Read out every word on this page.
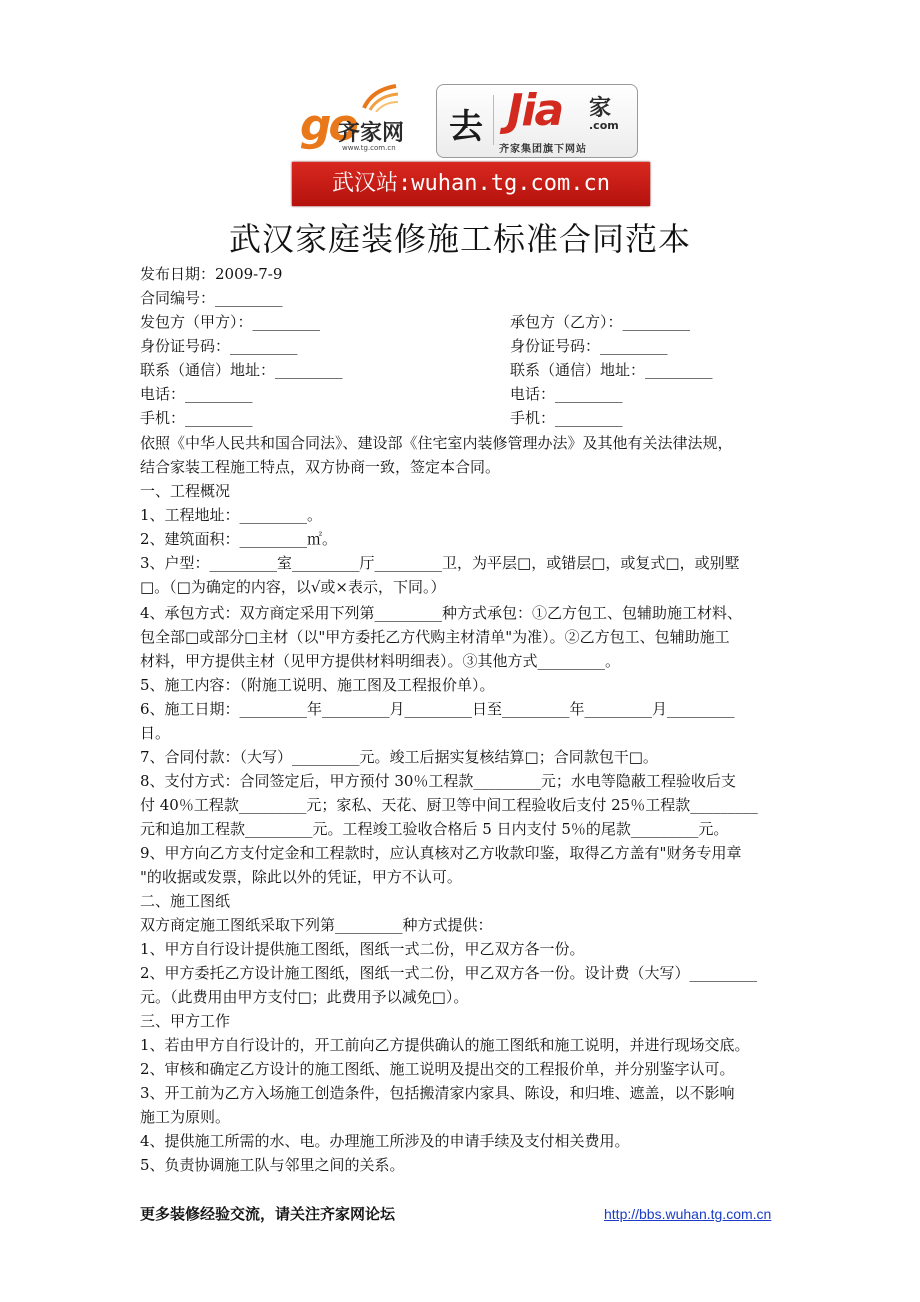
go
齐家网
www.tg.com.cn
去 Jia 家
.com
齐家集团旗下网站
武汉站:wuhan.tg.com.cn
武汉家庭装修施工标准合同范本
发布日期：2009-7-9
合同编号：_________
发包方（甲方）：_________
身份证号码：_________
联系（通信）地址：_________
电话：_________
手机：_________
依照《中华人民共和国合同法》、建设部《住宅室内装修管理办法》及其他有关法律法规，
结合家装工程施工特点，双方协商一致，签定本合同。
一、工程概况
1、工程地址：_________。
2、建筑面积：_________㎡。
3、户型：_________室_________厅_________卫，为平层□，或错层□，或复式□，或别墅
□。（□为确定的内容，以√或×表示，下同。）
4、承包方式：双方商定采用下列第_________种方式承包：①乙方包工、包辅助施工材料、
包全部□或部分□主材（以"甲方委托乙方代购主材清单"为准）。②乙方包工、包辅助施工
材料，甲方提供主材（见甲方提供材料明细表）。③其他方式_________。
5、施工内容：（附施工说明、施工图及工程报价单）。
6、施工日期：_________年_________月_________日至_________年_________月_________
日。
7、合同付款：（大写）_________元。竣工后据实复核结算□；合同款包干□。
8、支付方式：合同签定后，甲方预付 30％工程款_________元；水电等隐蔽工程验收后支
付 40％工程款_________元；家私、天花、厨卫等中间工程验收后支付 25％工程款_________
元和追加工程款_________元。工程竣工验收合格后 5 日内支付 5％的尾款_________元。
9、甲方向乙方支付定金和工程款时，应认真核对乙方收款印鉴，取得乙方盖有"财务专用章
"的收据或发票，除此以外的凭证，甲方不认可。
二、施工图纸
双方商定施工图纸采取下列第_________种方式提供：
1、甲方自行设计提供施工图纸，图纸一式二份，甲乙双方各一份。
2、甲方委托乙方设计施工图纸，图纸一式二份，甲乙双方各一份。设计费（大写）_________
元。（此费用由甲方支付□；此费用予以减免□）。
三、甲方工作
1、若由甲方自行设计的，开工前向乙方提供确认的施工图纸和施工说明，并进行现场交底。
2、审核和确定乙方设计的施工图纸、施工说明及提出交的工程报价单，并分别鉴字认可。
3、开工前为乙方入场施工创造条件，包括搬清家内家具、陈设，和归堆、遮盖，以不影响
施工为原则。
4、提供施工所需的水、电。办理施工所涉及的申请手续及支付相关费用。
5、负责协调施工队与邻里之间的关系。
承包方（乙方）：_________
身份证号码：_________
联系（通信）地址：_________
电话：_________
手机：_________
更多装修经验交流，请关注齐家网论坛	http://bbs.wuhan.tg.com.cn
